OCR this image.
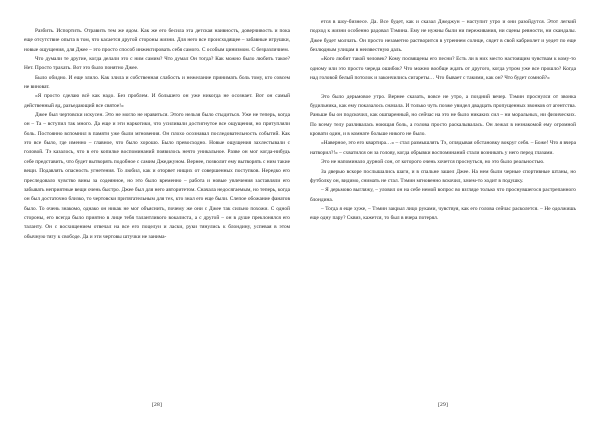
Разбить. Испортить. Отравить тем же ядом. Как же его бесила эта детская наивность, доверчивость и пока еще отсутствие опыта в том, что касается другой стороны жизни. Для него все происходящее – забавные игрушки, новые ощущения, для Джее – это просто способ инжектировать себя самого. С особым цинизмом. С безразличием.

Что думали те другие, когда делали это с ним самим? Что думал Он тогда? Как можно было любить такое? Нет. Просто трахать. Вот это было понятно Джее.

Было обидно. И еще злило. Как злила и собственная слабость и нежелание принимать боль тому, кто совсем не виноват.

«Я просто сделаю всё как надо. Без проблем. И большего он уже никогда не осознает. Вот он самый действенный яд, разъедающий все святое!»

Джее был чертовски искусен. Это не могло не нравиться. Этого нельзя было стыдиться. Уже не теперь, когда он – Та – вступил так много. Да еще и эти наркотики, что усиливали достигнутое все ощущения, но притупляли боль. Постоянно вспомнил в памяти уже были мгновения. Он плохо осознавал последовательность событий. Как это все было, где именно – главное, что было хорошо. Было превосходно. Новые ощущения захлестывали с головой. Тэ казалось, что в его копилке воспоминаний появилось нечто уникальное. Разве он мог когда-нибудь себе представить, что будет вытворять подобное с самим Джеджуном. Вернее, позволит ему вытворять с ним такие вещи. Подавлять опасность угнетения. То любил, как и оторвет нищих от совершенных поступков. Нередко его преследовало чувство вины за содеянное, но это было временно – работа и новые увлечения заставляли его забывать неприятные вещи очень быстро. Джее был для него авторитетом. Сначала недосягаемым, но теперь, когда он был достаточно близко, то чертовски притягательным для тех, кто знал его еще были. Слепое обожание фанатов было. То очень знакомо, однако он никак не мог объяснить, почему же они с Джее так сильно похожи. С одной стороны, его всегда было приятно в лице тебя талантливого вокалиста, а с другой – он в душе преклонялся его таланту. Он с восхищением отвечал на все его поцелуи и ласки, руки тянулись к блондину, успевая в этом обычную тягу к свободе. Да и эти чертовы штучки не занима-

[28]

ется в шоу-бизнесе. Да. Все будет, как и сказал Джеджун – наступит утро и они разойдутся. Этот легкий подход к жизни особенно радовал Тэмина. Ему не нужны были ни переживания, ни сцены ревности, ни скандалы. Джее будет молчать. Он просто незаметно растворится в утреннем солнце, сядет в свой кабриолет и уедет по еще безлюдным улицам в неизвестную даль.

«Кого любит такой человек? Кому посвящены его песни? Есть ли в них место настоящим чувствам к кому-то одному или это просто череда ошибок? Что можно вообще ждать от другого, когда утром уже все прошло? Когда над головой белый потолок и закончились сигареты… Что бывает с такими, как он? Что будет сомной?»

Это было дерьмовое утро. Вернее сказать, вовсе не утро, а поздний вечер. Тэмин проснулся от звонка будильника, как ему показалось сначала. И только чуть позже увидел двадцать пропущенных звонков от агентства. Раньше бы он подскочил, как ошпаренный, но сейчас на это не было никаких сил – ни моральных, ни физических. По всему телу разливалась ноющая боль, а голова просто раскалывалась. Он лежал в незнакомой ему огромной кровати один, и в комнате больше никого не было.

«Наверное, это его квартира…» – стал размышлять Тэ, оглядывая обстановку вокруг себя. – Боже! Что я вчера натворил?!» – схватился он за голову, когда обрывки воспоминаний стали возникать у него перед глазами.

Это не напоминало дурной сон, от которого очень хочется проснуться, но это было реальностью.

За дверью вскоре послышались шаги, и в спальне зашел Джее. На нем были черные спортивные штаны, но футболку он, видимо, снимать не стал. Тэмин мгновенно вскочил, зачем-то ходит в подушку.

– Я дерьмово выгляжу, – уловил он на себе немой вопрос во взгляде только что проснувшегося растрепанного блондина.

– Тогда я еще хуже, – Тэмин закрыл лицо руками, чувствуя, как его голова сейчас расколется. – Не одолжишь еще одну пару? Сквиз, кажется, то был в вчера потерял.

[29]
